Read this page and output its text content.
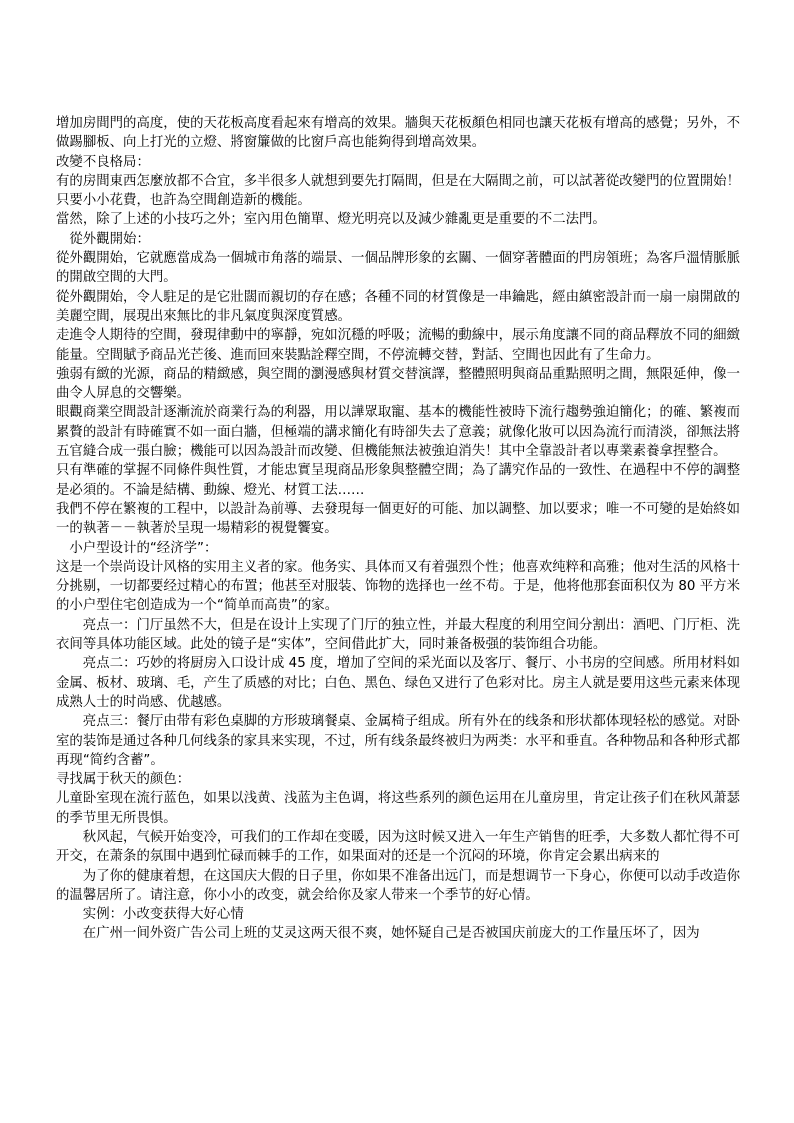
增加房間門的高度，使的天花板高度看起來有增高的效果。牆與天花板顏色相同也讓天花板有增高的感覺；另外，不做踢腳板、向上打光的立燈、將窗簾做的比窗戶高也能夠得到增高效果。

改變不良格局：

有的房間東西怎麼放都不合宜，多半很多人就想到要先打隔間，但是在大隔間之前，可以試著從改變門的位置開始！只要小小花費，也許為空間創造新的機能。

當然，除了上述的小技巧之外；室內用色簡單、燈光明亮以及減少雜亂更是重要的不二法門。

從外觀開始：

從外觀開始，它就應當成為一個城市角落的端景、一個品牌形象的玄關、一個穿著體面的門房領班；為客戶溫情脈脈的開啟空間的大門。

從外觀開始，令人駐足的是它壯闊而親切的存在感；各種不同的材質像是一串鑰匙，經由縝密設計而一扇一扇開啟的美麗空間，展現出來無比的非凡氣度與深度質感。

走進令人期待的空間，發現律動中的寧靜，宛如沉穩的呼吸；流暢的動線中，展示角度讓不同的商品釋放不同的細緻能量。空間賦予商品光芒後、進而回來裝點詮釋空間，不停流轉交替，對話、空間也因此有了生命力。

強弱有緻的光源，商品的精緻感，與空間的瀏漫感與材質交替演譯，整體照明與商品重點照明之間，無限延伸，像一曲令人屏息的交響樂。

眼觀商業空間設計逐漸流於商業行為的利器，用以譁眾取寵、基本的機能性被時下流行趨勢強迫簡化；的確、繁複而累贅的設計有時確實不如一面白牆，但極端的講求簡化有時卻失去了意義；就像化妝可以因為流行而清淡，卻無法將五官縫合成一張白臉；機能可以因為設計而改變、但機能無法被強迫消失！其中全靠設計者以專業素養拿捏整合。

只有準確的掌握不同條件與性質，才能忠實呈現商品形象與整體空間；為了講究作品的一致性、在過程中不停的調整是必須的。不論是結構、動線、燈光、材質工法……

我們不停在繁複的工程中，以設計為前導、去發現每一個更好的可能、加以調整、加以要求；唯一不可變的是始終如一的執著－－執著於呈現一場精彩的視覺饗宴。

小户型设计的“经济学”：

这是一个崇尚设计风格的实用主义者的家。他务实、具体而又有着强烈个性；他喜欢纯粹和高雅；他对生活的风格十分挑剔，一切都要经过精心的布置；他甚至对服装、饰物的选择也一丝不苟。于是，他将他那套面积仅为 80 平方米的小户型住宅创造成为一个“简单而高贵”的家。

亮点一：门厅虽然不大，但是在设计上实现了门厅的独立性，并最大程度的利用空间分割出：酒吧、门厅柜、洗衣间等具体功能区域。此处的镜子是“实体”，空间借此扩大，同时兼备极强的装饰组合功能。

亮点二：巧妙的将厨房入口设计成 45 度，增加了空间的采光面以及客厅、餐厅、小书房的空间感。所用材料如金属、板材、玻璃、毛，产生了质感的对比；白色、黑色、绿色又进行了色彩对比。房主人就是要用这些元素来体现成熟人士的时尚感、优越感。

亮点三：餐厅由带有彩色桌脚的方形玻璃餐桌、金属椅子组成。所有外在的线条和形状都体现轻松的感觉。对卧室的装饰是通过各种几何线条的家具来实现，不过，所有线条最终被归为两类：水平和垂直。各种物品和各种形式都再现“简约含蓄”。

寻找属于秋天的颜色：

儿童卧室现在流行蓝色，如果以浅黄、浅蓝为主色调，将这些系列的颜色运用在儿童房里，肯定让孩子们在秋风萧瑟的季节里无所畏惧。

秋风起，气候开始变冷，可我们的工作却在变暖，因为这时候又进入一年生产销售的旺季，大多数人都忙得不可开交，在萧条的氛围中遇到忙碌而棘手的工作，如果面对的还是一个沉闷的环境，你肯定会累出病来的

为了你的健康着想，在这国庆大假的日子里，你如果不准备出远门，而是想调节一下身心，你便可以动手改造你的温馨居所了。请注意，你小小的改变，就会给你及家人带来一个季节的好心情。

实例：小改变获得大好心情

在广州一间外资广告公司上班的艾灵这两天很不爽，她怀疑自己是否被国庆前庞大的工作量压坏了，因为
